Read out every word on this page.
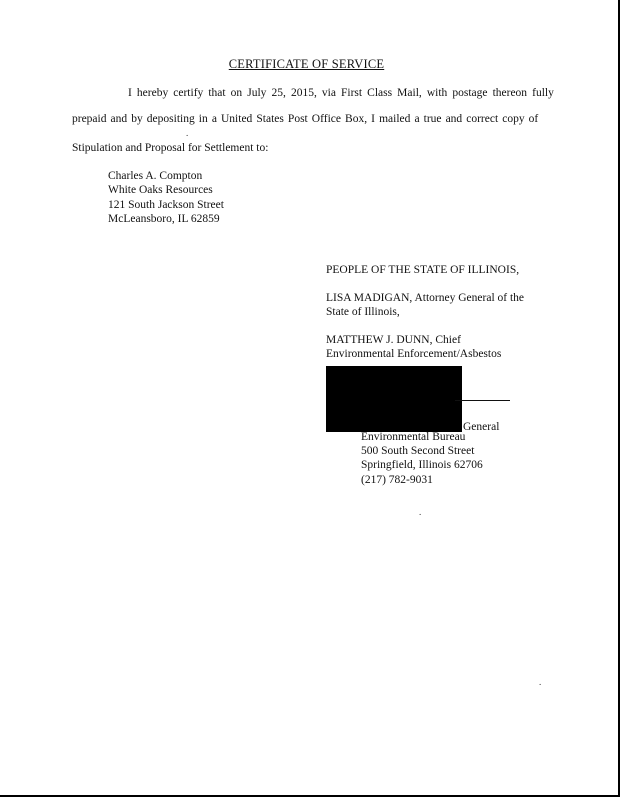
CERTIFICATE OF SERVICE
I hereby certify that on July 25, 2015, via First Class Mail, with postage thereon fully
prepaid and by depositing in a United States Post Office Box, I mailed a true and correct copy of
Stipulation and Proposal for Settlement to:
Charles A. Compton
White Oaks Resources
121 South Jackson Street
McLeansboro, IL 62859
PEOPLE OF THE STATE OF ILLINOIS,
LISA MADIGAN, Attorney General of the State of Illinois,
MATTHEW J. DUNN, Chief
Environmental Enforcement/Asbestos
General
Environmental Bureau
500 South Second Street
Springfield, Illinois 62706
(217) 782-9031
.
.
.
